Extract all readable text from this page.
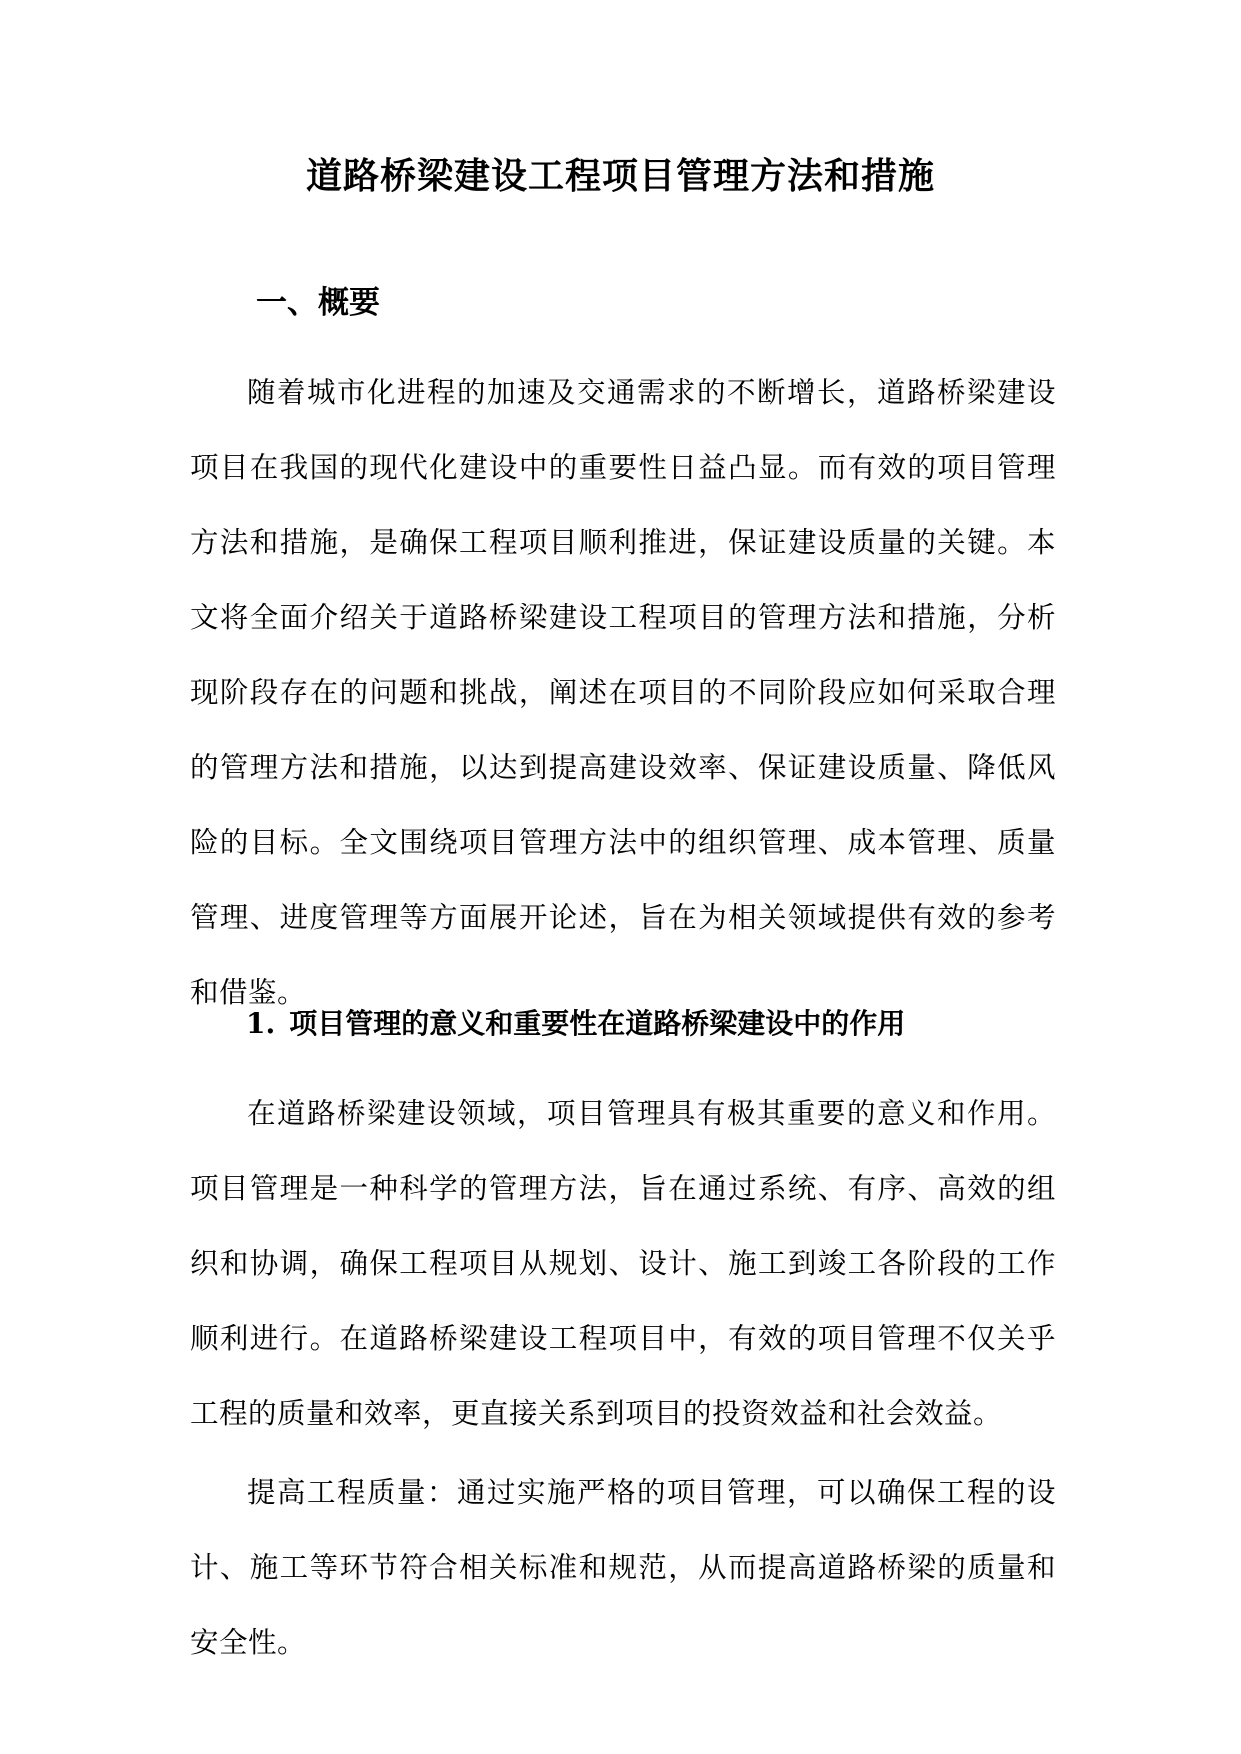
道路桥梁建设工程项目管理方法和措施
一、概要

随着城市化进程的加速及交通需求的不断增长，道路桥梁建设项目在我国的现代化建设中的重要性日益凸显。而有效的项目管理方法和措施，是确保工程项目顺利推进，保证建设质量的关键。本文将全面介绍关于道路桥梁建设工程项目的管理方法和措施，分析现阶段存在的问题和挑战，阐述在项目的不同阶段应如何采取合理的管理方法和措施，以达到提高建设效率、保证建设质量、降低风险的目标。全文围绕项目管理方法中的组织管理、成本管理、质量管理、进度管理等方面展开论述，旨在为相关领域提供有效的参考和借鉴。

1. 项目管理的意义和重要性在道路桥梁建设中的作用

在道路桥梁建设领域，项目管理具有极其重要的意义和作用。项目管理是一种科学的管理方法，旨在通过系统、有序、高效的组织和协调，确保工程项目从规划、设计、施工到竣工各阶段的工作顺利进行。在道路桥梁建设工程项目中，有效的项目管理不仅关乎工程的质量和效率，更直接关系到项目的投资效益和社会效益。

提高工程质量：通过实施严格的项目管理，可以确保工程的设计、施工等环节符合相关标准和规范，从而提高道路桥梁的质量和安全性。
